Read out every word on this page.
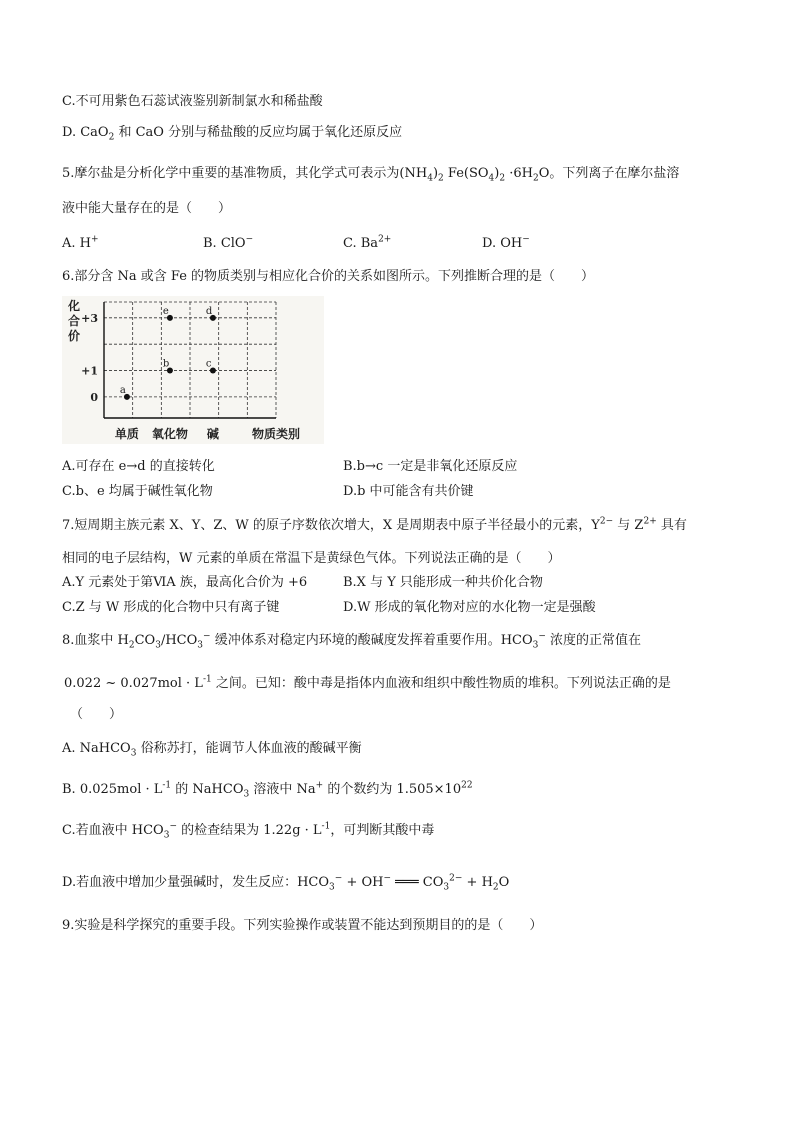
C.不可用紫色石蕊试液鉴别新制氯水和稀盐酸
D. CaO$_2$ 和 CaO 分别与稀盐酸的反应均属于氧化还原反应
5.摩尔盐是分析化学中重要的基准物质，其化学式可表示为$(NH_4)_2$ $Fe(SO_4)_2 \cdot 6H_2O$。下列离子在摩尔盐溶
液中能大量存在的是（　　）
A. H+	B. ClO−	C. $Ba^{2+}$	D. OH−
6.部分含 Na 或含 Fe 的物质类别与相应化合价的关系如图所示。下列推断合理的是（　　）
化
合
价
+3
+1
0
单质 氧化物 碱
a
b	c
e	d
物质类别
A.可存在 e→d 的直接转化	B.b→c 一定是非氧化还原反应
C.b、e 均属于碱性氧化物	D.b 中可能含有共价键
7.短周期主族元素 X、Y、Z、W 的原子序数依次增大，X 是周期表中原子半径最小的元素，$Y^{2-}$ 与 $Z^{2+}$ 具有
相同的电子层结构，W 元素的单质在常温下是黄绿色气体。下列说法正确的是（　　）
A.Y 元素处于第ⅥA 族，最高化合价为 +6	B.X 与 Y 只能形成一种共价化合物
C.Z 与 W 形成的化合物中只有离子键	D.W 形成的氧化物对应的水化物一定是强酸
8.血浆中 $H_2CO_3/HCO_3^-$ 缓冲体系对稳定内环境的酸碱度发挥着重要作用。$HCO_3^-$ 浓度的正常值在
0.022 ~ $0.027mol \cdot L^{-1}$ 之间。已知：酸中毒是指体内血液和组织中酸性物质的堆积。下列说法正确的是
（　　）
A. NaHCO$_3$ 俗称苏打，能调节人体血液的酸碱平衡
B. $0.025mol \cdot L^{-1}$ 的 NaHCO$_3$ 溶液中 Na+ 的个数约为 $1.505\times 10^{22}$
C.若血液中 $HCO_3^-$ 的检查结果为 $1.22g \cdot L^{-1}$，可判断其酸中毒
D.若血液中增加少量强碱时，发生反应：$HCO_3^- + OH^-$ ═══ $CO_3^{2-} + H_2O$
9.实验是科学探究的重要手段。下列实验操作或装置不能达到预期目的的是（　　）
